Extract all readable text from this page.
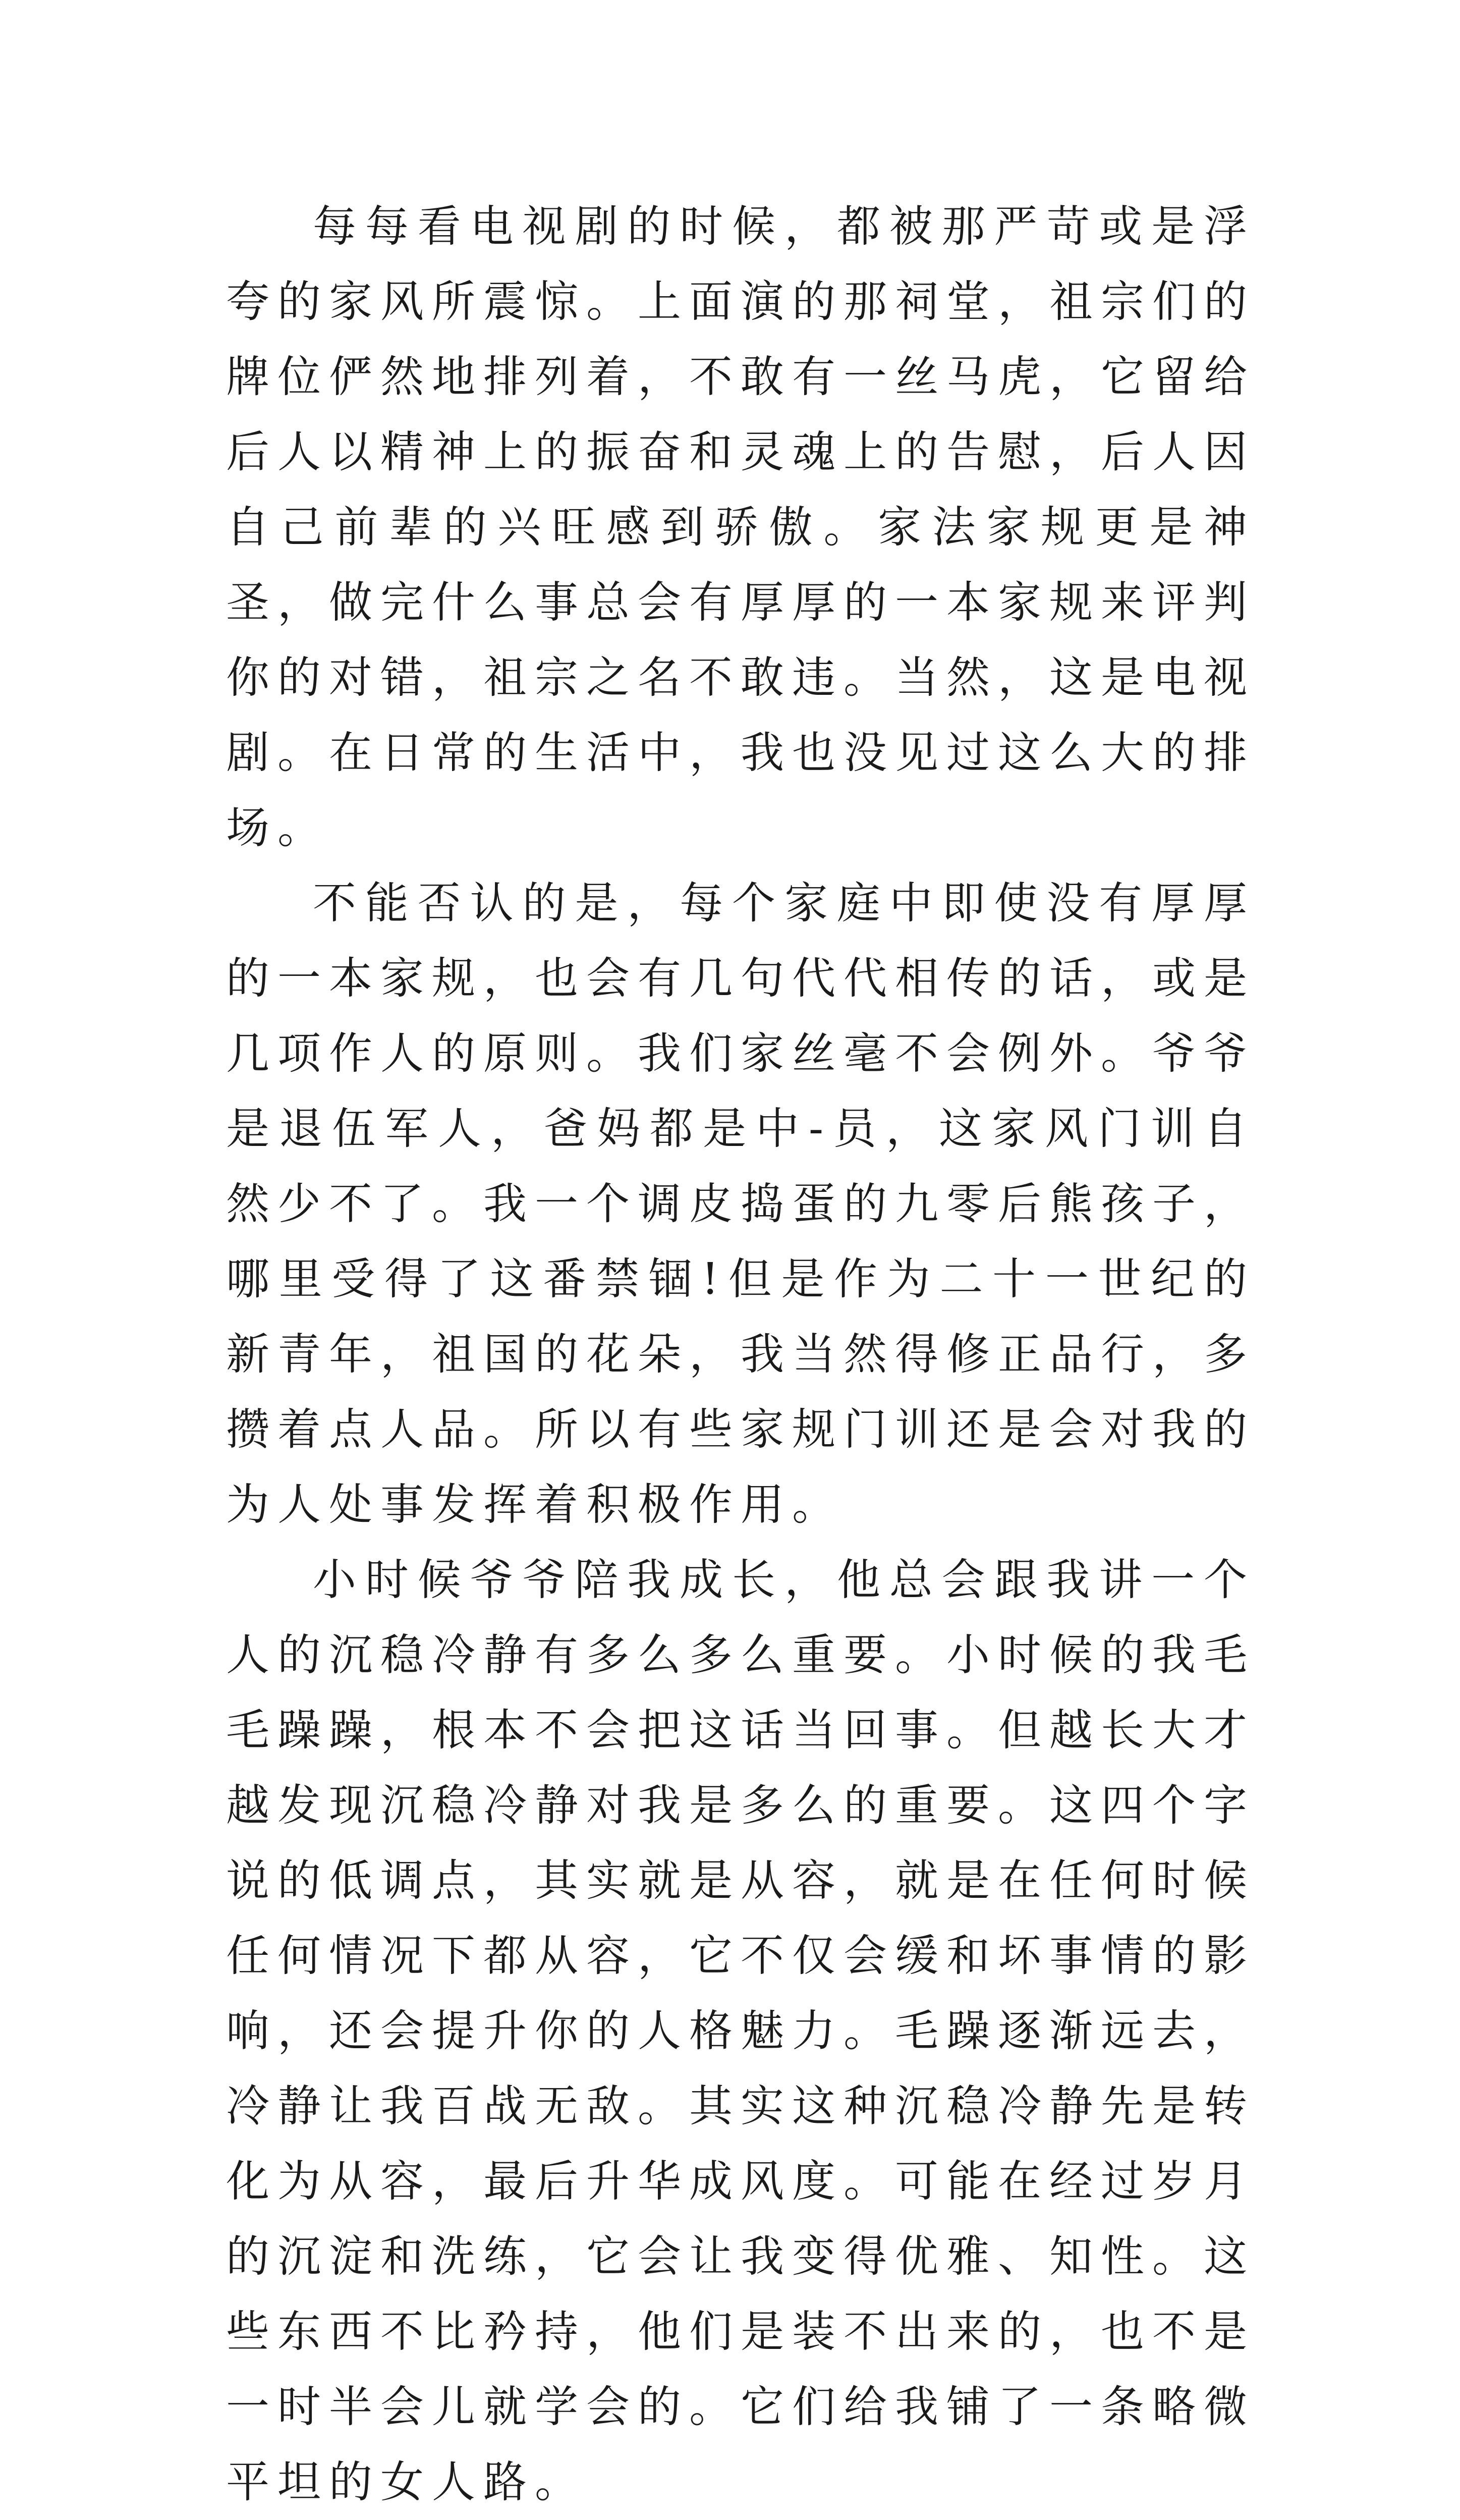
每每看电视剧的时候，都被那严苛或是浮夸的家风所震惊。上面演的那祠堂，祖宗们的牌位俨然地排列着，不敢有一丝马虎，它留给后人以精神上的振奋和灵魂上的告慰，后人因自己前辈的兴旺感到骄傲。家法家规更是神圣，做完什么事总会有厚厚的一本家规来评判你的对错，祖宗之名不敢违。当然，这是电视剧。在日常的生活中，我也没见过这么大的排场。

不能否认的是，每个家庭中即使没有厚厚的一本家规，也会有几句代代相传的话，或是几项作人的原则。我们家丝毫不会例外。爷爷是退伍军人，爸妈都是中-员，这家风门训自然少不了。我一个调皮捣蛋的九零后熊孩子，哪里受得了这番禁锢!但是作为二十一世纪的新青年，祖国的花朵，我当然得修正品行，多攒着点人品。所以有些家规门训还是会对我的为人处事发挥着积极作用。

小时候爷爷陪我成长，他总会跟我讲一个人的沉稳冷静有多么多么重要。小时候的我毛毛躁躁，根本不会把这话当回事。但越长大才越发现沉稳冷静对我是多么的重要。这四个字说的低调点，其实就是从容，就是在任何时候任何情况下都从容，它不仅会缓和坏事情的影响，还会提升你的人格魅力。毛躁逐渐远去，冷静让我百战无敌。其实这种沉稳冷静先是转化为从容，最后升华成风度。可能在经过岁月的沉淀和洗练，它会让我变得优雅、知性。这些东西不比矜持，他们是装不出来的，也不是一时半会儿就学会的。它们给我铺了一条略微平坦的女人路。
